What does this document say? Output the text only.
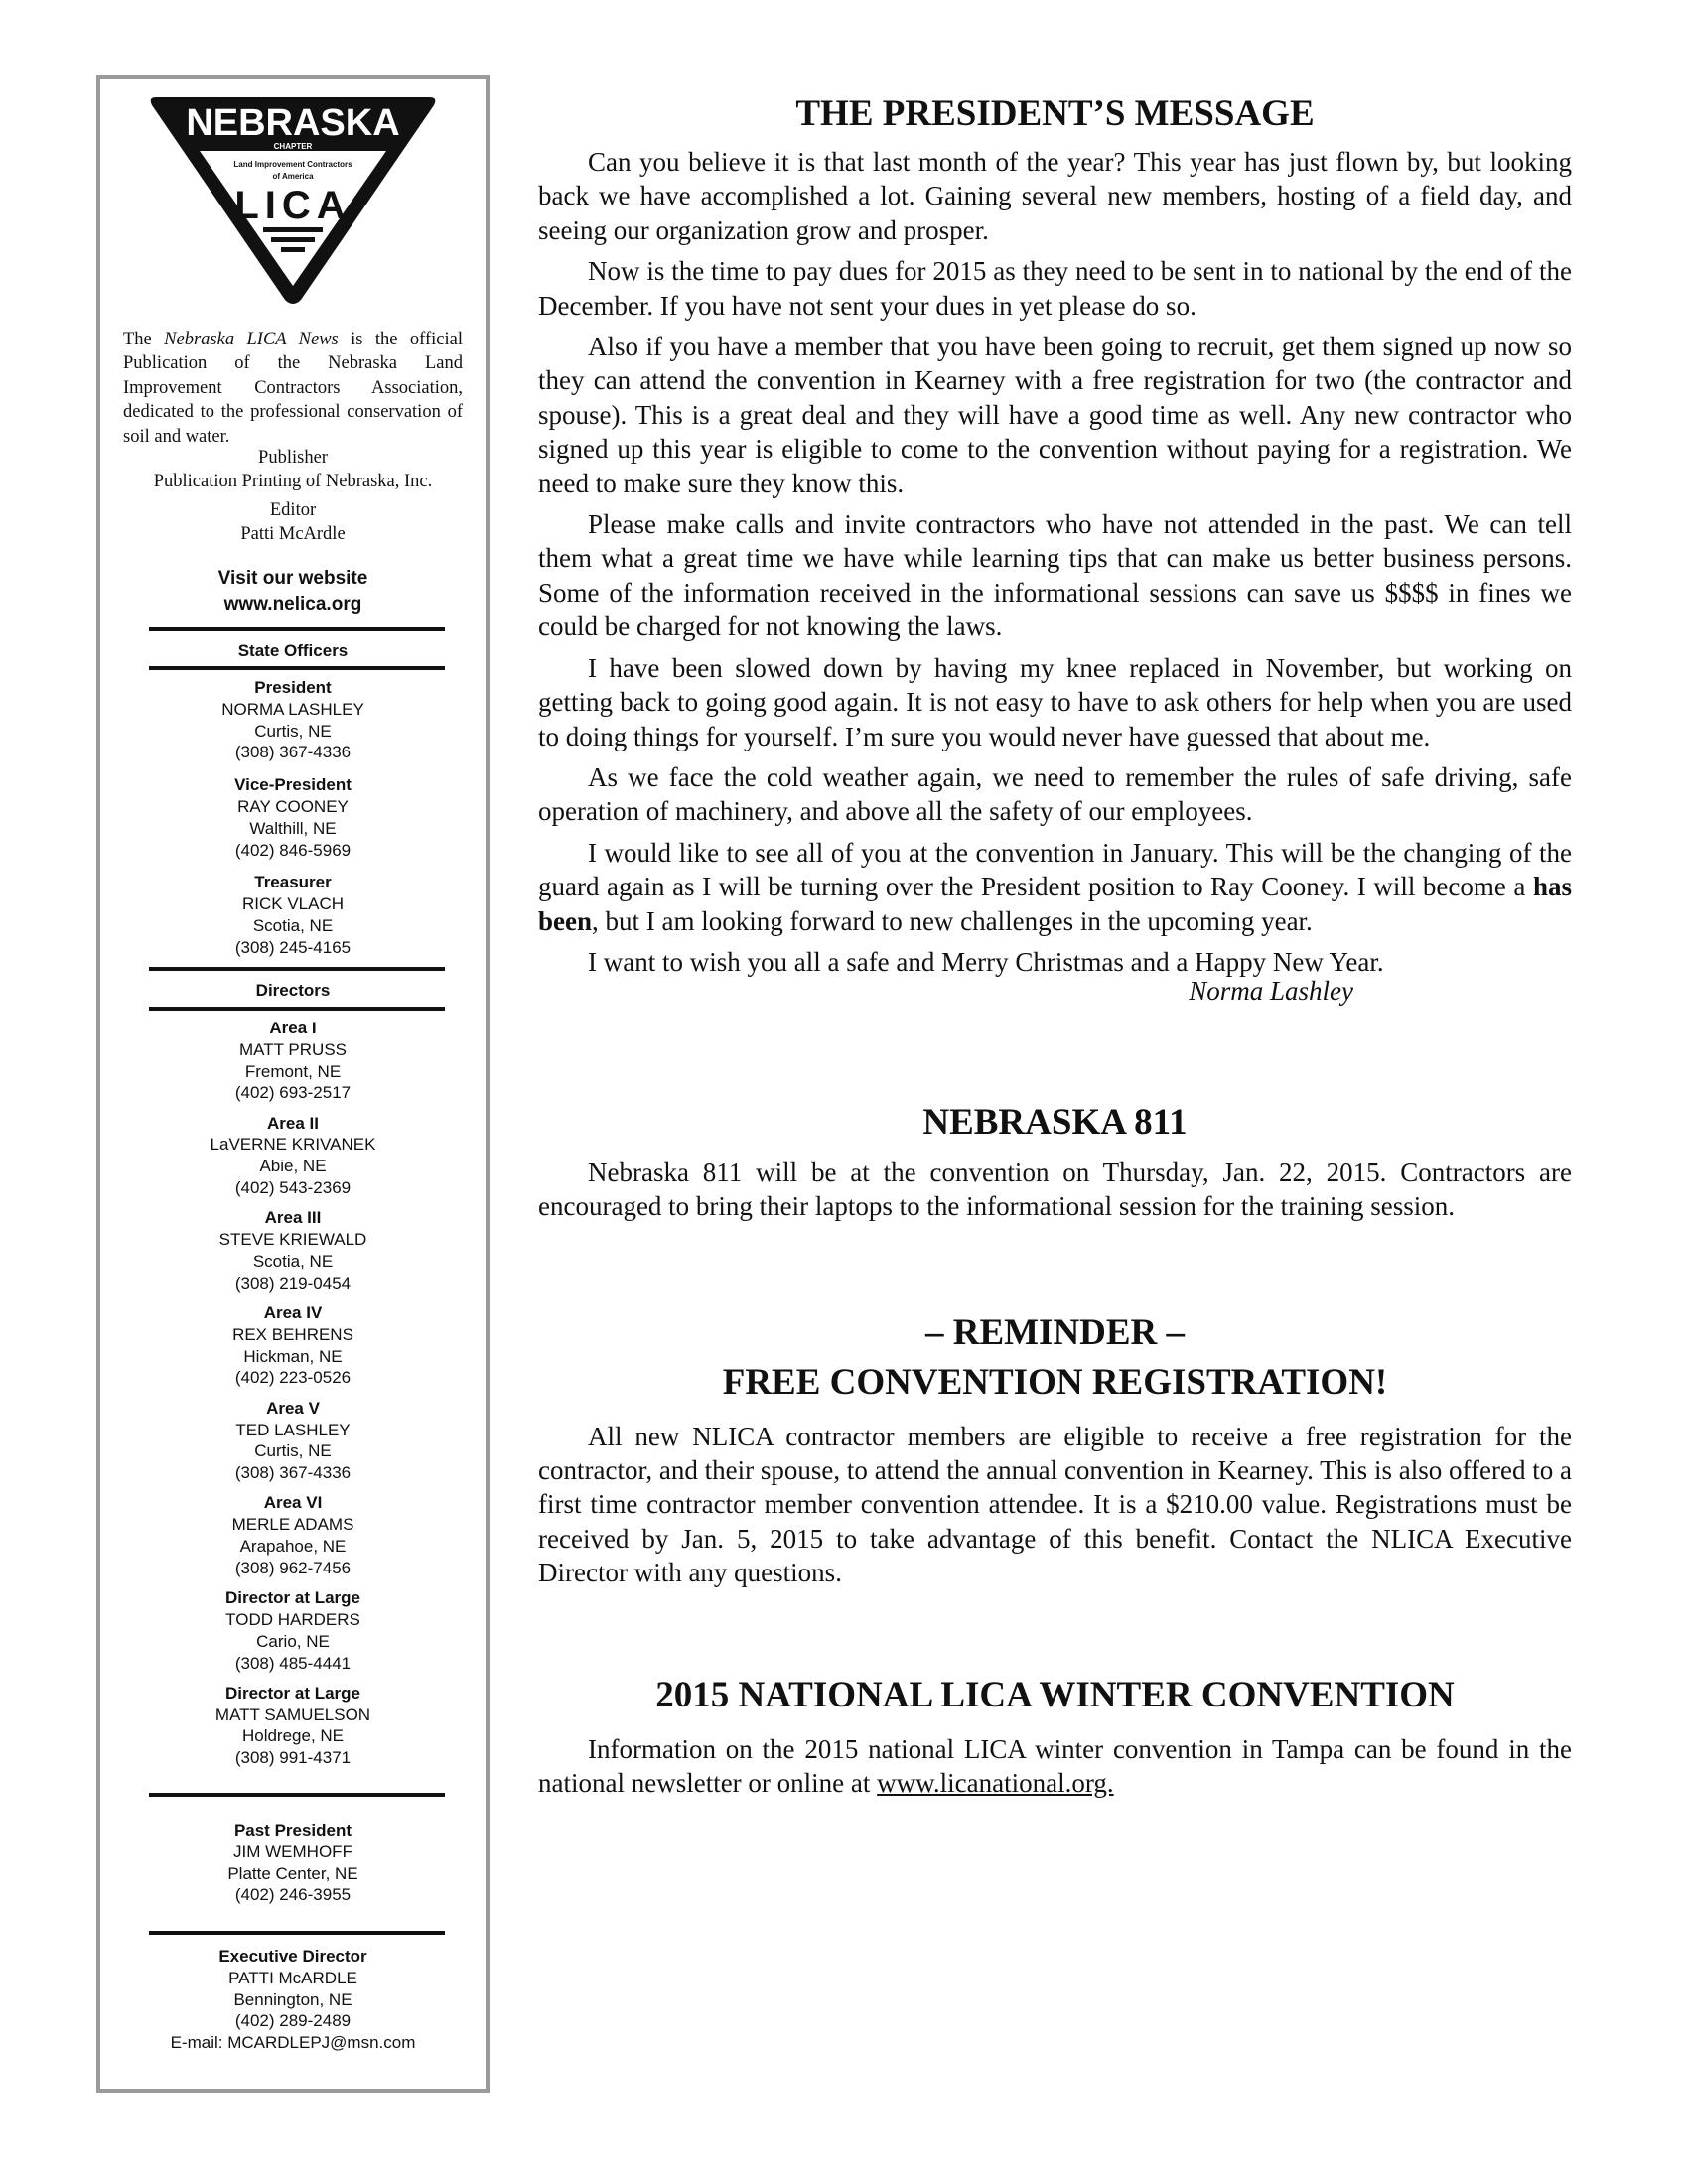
NEBRASKA
CHAPTER
Land Improvement Contractors
of America
LICA
The Nebraska LICA News is the official Publication of the Nebraska Land Improvement Contractors Association, dedicated to the professional conservation of soil and water.
Publisher
Publication Printing of Nebraska, Inc.
Editor
Patti McArdle
Visit our website
www.nelica.org
State Officers
President
NORMA LASHLEY
Curtis, NE
(308) 367-4336
Vice-President
RAY COONEY
Walthill, NE
(402) 846-5969
Treasurer
RICK VLACH
Scotia, NE
(308) 245-4165
Directors
Area I
MATT PRUSS
Fremont, NE
(402) 693-2517
Area II
LaVERNE KRIVANEK
Abie, NE
(402) 543-2369
Area III
STEVE KRIEWALD
Scotia, NE
(308) 219-0454
Area IV
REX BEHRENS
Hickman, NE
(402) 223-0526
Area V
TED LASHLEY
Curtis, NE
(308) 367-4336
Area VI
MERLE ADAMS
Arapahoe, NE
(308) 962-7456
Director at Large
TODD HARDERS
Cario, NE
(308) 485-4441
Director at Large
MATT SAMUELSON
Holdrege, NE
(308) 991-4371
Past President
JIM WEMHOFF
Platte Center, NE
(402) 246-3955
Executive Director
PATTI McARDLE
Bennington, NE
(402) 289-2489
E-mail: MCARDLEPJ@msn.com
THE PRESIDENT’S MESSAGE

Can you believe it is that last month of the year? This year has just flown by, but looking back we have accomplished a lot. Gaining several new members, hosting of a field day, and seeing our organization grow and prosper.

Now is the time to pay dues for 2015 as they need to be sent in to national by the end of the December. If you have not sent your dues in yet please do so.

Also if you have a member that you have been going to recruit, get them signed up now so they can attend the convention in Kearney with a free registration for two (the contractor and spouse). This is a great deal and they will have a good time as well. Any new contractor who signed up this year is eligible to come to the convention without paying for a registration. We need to make sure they know this.

Please make calls and invite contractors who have not attended in the past. We can tell them what a great time we have while learning tips that can make us better business persons. Some of the information received in the informational sessions can save us $$$$ in fines we could be charged for not knowing the laws.

I have been slowed down by having my knee replaced in November, but working on getting back to going good again. It is not easy to have to ask others for help when you are used to doing things for yourself. I’m sure you would never have guessed that about me.

As we face the cold weather again, we need to remember the rules of safe driving, safe operation of machinery, and above all the safety of our employees.

I would like to see all of you at the convention in January. This will be the changing of the guard again as I will be turning over the President position to Ray Cooney. I will become a has been, but I am looking forward to new challenges in the upcoming year.

I want to wish you all a safe and Merry Christmas and a Happy New Year.

Norma Lashley
NEBRASKA 811

Nebraska 811 will be at the convention on Thursday, Jan. 22, 2015. Contractors are encouraged to bring their laptops to the informational session for the training session.

– REMINDER –
FREE CONVENTION REGISTRATION!

All new NLICA contractor members are eligible to receive a free registration for the contractor, and their spouse, to attend the annual convention in Kearney. This is also offered to a first time contractor member convention attendee. It is a $210.00 value. Registrations must be received by Jan. 5, 2015 to take advantage of this benefit. Contact the NLICA Executive Director with any questions.

2015 NATIONAL LICA WINTER CONVENTION

Information on the 2015 national LICA winter convention in Tampa can be found in the national newsletter or online at www.licanational.org.
